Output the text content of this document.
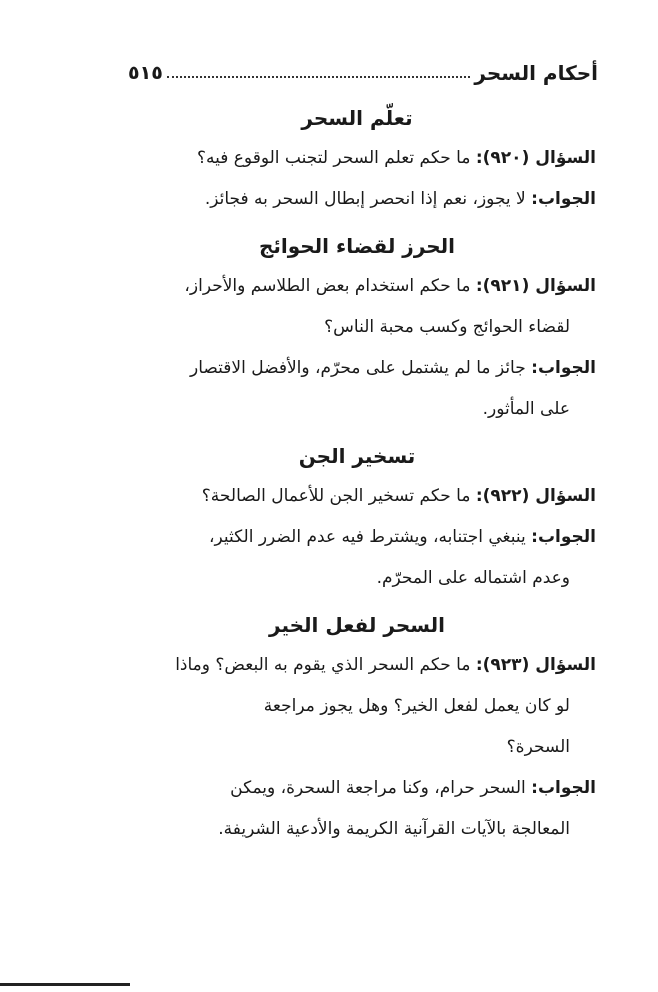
أحكام السحر
٥١٥
تعلّم السحر

السؤال (٩٢٠): ما حكم تعلم السحر لتجنب الوقوع فيه؟

الجواب: لا يجوز، نعم إذا انحصر إبطال السحر به فجائز.

الحرز لقضاء الحوائج

السؤال (٩٢١): ما حكم استخدام بعض الطلاسم والأحراز،

لقضاء الحوائج وكسب محبة الناس؟

الجواب: جائز ما لم يشتمل على محرّم، والأفضل الاقتصار

على المأثور.

تسخير الجن

السؤال (٩٢٢): ما حكم تسخير الجن للأعمال الصالحة؟

الجواب: ينبغي اجتنابه، ويشترط فيه عدم الضرر الكثير،

وعدم اشتماله على المحرّم.

السحر لفعل الخير

السؤال (٩٢٣): ما حكم السحر الذي يقوم به البعض؟ وماذا

لو كان يعمل لفعل الخير؟ وهل يجوز مراجعة

السحرة؟

الجواب: السحر حرام، وكنا مراجعة السحرة، ويمكن

المعالجة بالآيات القرآنية الكريمة والأدعية الشريفة.
